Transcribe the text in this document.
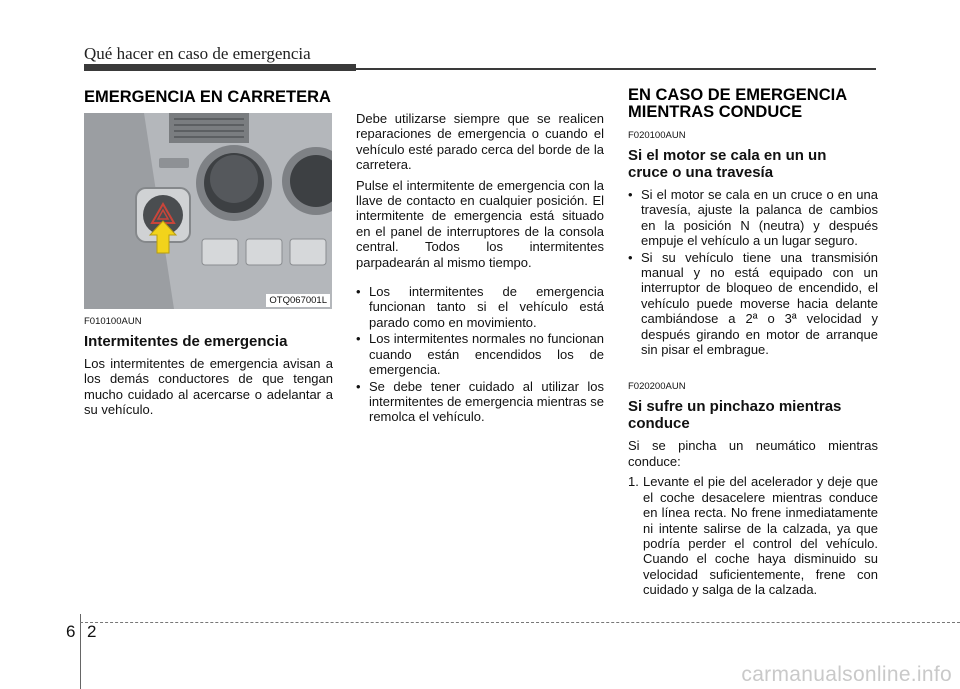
Qué hacer en caso de emergencia
EMERGENCIA EN CARRETERA
OTQ067001L
F010100AUN
Intermitentes de emergencia

Los intermitentes de emergencia avisan a los demás conductores de que tengan mucho cuidado al acercarse o adelantar a su vehículo.

Debe utilizarse siempre que se realicen reparaciones de emergencia o cuando el vehículo esté parado cerca del borde de la carretera.

Pulse el intermitente de emergencia con la llave de contacto en cualquier posición. El intermitente de emergencia está situado en el panel de interruptores de la consola central. Todos los intermitentes parpadearán al mismo tiempo.

• Los intermitentes de emergencia funcionan tanto si el vehículo está parado como en movimiento.
• Los intermitentes normales no funcionan cuando están encendidos los de emergencia.
• Se debe tener cuidado al utilizar los intermitentes de emergencia mientras se remolca el vehículo.
EN CASO DE EMERGENCIA
MIENTRAS CONDUCE
F020100AUN
Si el motor se cala en un un
cruce o una travesía
• Si el motor se cala en un cruce o en una travesía, ajuste la palanca de cambios en la posición N (neutra) y después empuje el vehículo a un lugar seguro.
• Si su vehículo tiene una transmisión manual y no está equipado con un interruptor de bloqueo de encendido, el vehículo puede moverse hacia delante cambiándose a 2ª o 3ª velocidad y después girando en motor de arranque sin pisar el embrague.
F020200AUN
Si sufre un pinchazo mientras
conduce

Si se pincha un neumático mientras conduce:

1. Levante el pie del acelerador y deje que el coche desacelere mientras conduce en línea recta. No frene inmediatamente ni intente salirse de la calzada, ya que podría perder el control del vehículo. Cuando el coche haya disminuido su velocidad suficientemente, frene con cuidado y salga de la calzada.
6 2
carmanualsonline.info
